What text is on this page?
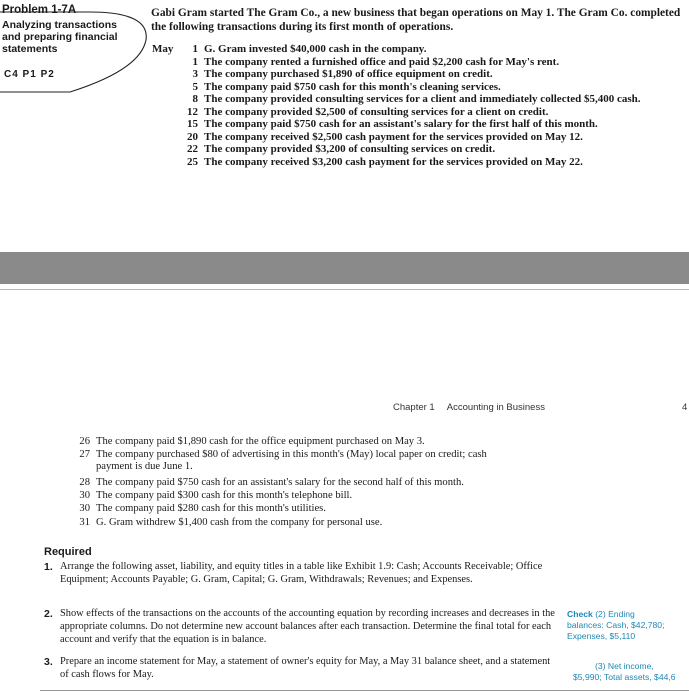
Problem 1-7A
Analyzing transactions
and preparing financial
statements
C4 P1 P2
Gabi Gram started The Gram Co., a new business that began operations on May 1. The Gram Co. completed the following transactions during its first month of operations.
May 1 G. Gram invested $40,000 cash in the company.
1 The company rented a furnished office and paid $2,200 cash for May's rent.
3 The company purchased $1,890 of office equipment on credit.
5 The company paid $750 cash for this month's cleaning services.
8 The company provided consulting services for a client and immediately collected $5,400 cash.
12 The company provided $2,500 of consulting services for a client on credit.
15 The company paid $750 cash for an assistant's salary for the first half of this month.
20 The company received $2,500 cash payment for the services provided on May 12.
22 The company provided $3,200 of consulting services on credit.
25 The company received $3,200 cash payment for the services provided on May 22.
Chapter 1 Accounting in Business	4
26 The company paid $1,890 cash for the office equipment purchased on May 3.
27 The company purchased $80 of advertising in this month's (May) local paper on credit; cash
payment is due June 1.
28 The company paid $750 cash for an assistant's salary for the second half of this month.
30 The company paid $300 cash for this month's telephone bill.
30 The company paid $280 cash for this month's utilities.
31 G. Gram withdrew $1,400 cash from the company for personal use.
Required
1. Arrange the following asset, liability, and equity titles in a table like Exhibit 1.9: Cash; Accounts Receivable; Office Equipment; Accounts Payable; G. Gram, Capital; G. Gram, Withdrawals; Revenues; and Expenses.
2. Show effects of the transactions on the accounts of the accounting equation by recording increases and decreases in the appropriate columns. Do not determine new account balances after each transaction. Determine the final total for each account and verify that the equation is in balance.
3. Prepare an income statement for May, a statement of owner's equity for May, a May 31 balance sheet, and a statement of cash flows for May.
Check (2) Ending
balances: Cash, $42,780;
Expenses, $5,110
(3) Net income,
$5,990; Total assets, $44,6
